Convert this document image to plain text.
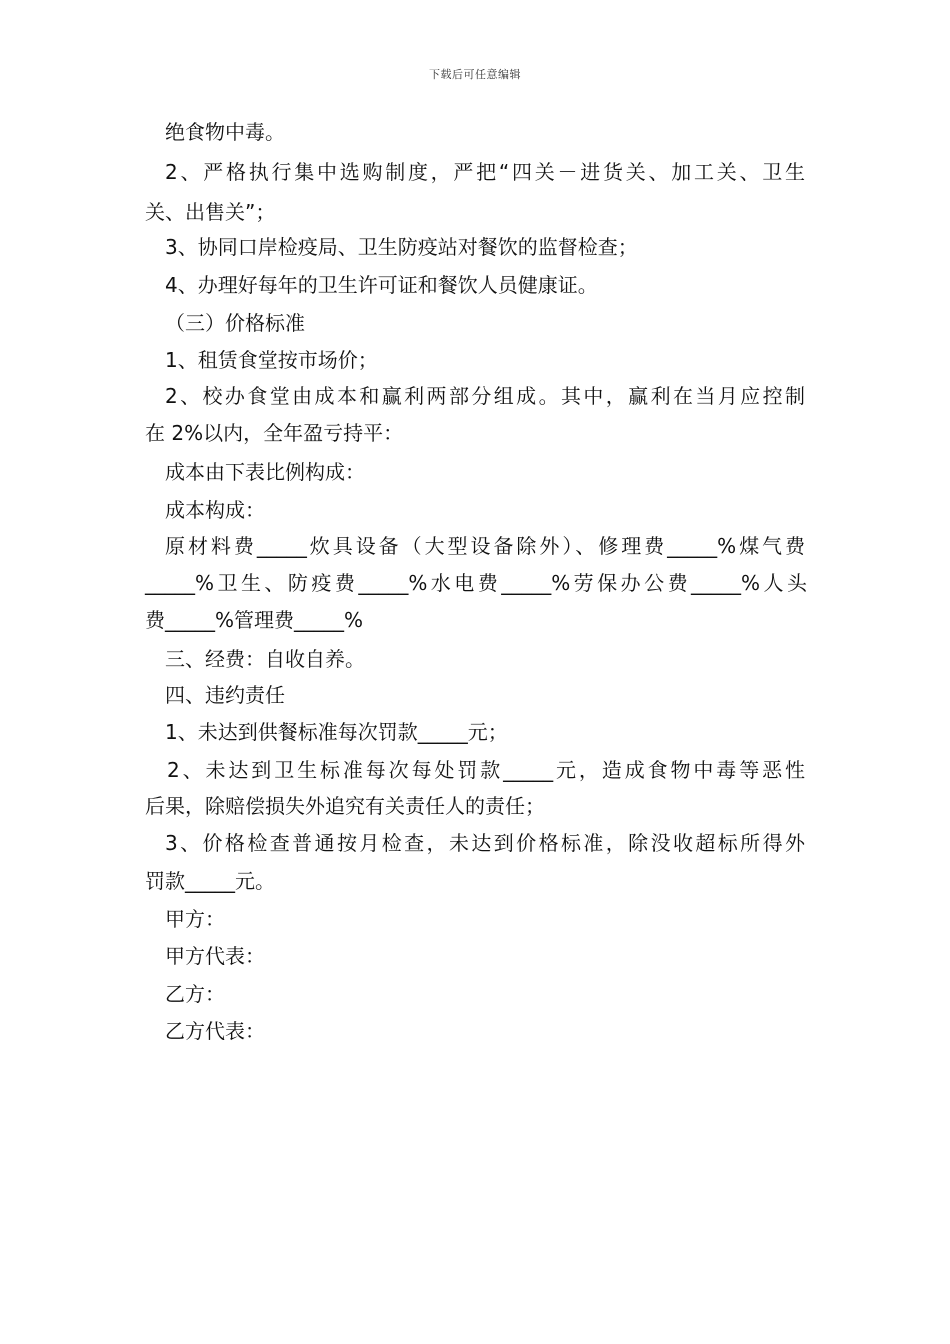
下载后可任意编辑
绝食物中毒。
2、严格执行集中选购制度，严把“四关－进货关、加工关、卫生
关、出售关”；
3、协同口岸检疫局、卫生防疫站对餐饮的监督检查；
4、办理好每年的卫生许可证和餐饮人员健康证。
（三）价格标准
1、租赁食堂按市场价；
2、校办食堂由成本和赢利两部分组成。其中，赢利在当月应控制
在 2%以内，全年盈亏持平：
成本由下表比例构成：
成本构成：
原材料费_____炊具设备（大型设备除外）、修理费_____%煤气费
_____%卫生、防疫费_____%水电费_____%劳保办公费_____%人头
费_____%管理费_____%
三、经费：自收自养。
四、违约责任
1、未达到供餐标准每次罚款_____元；
2、未达到卫生标准每次每处罚款_____元，造成食物中毒等恶性
后果，除赔偿损失外追究有关责任人的责任；
3、价格检查普通按月检查，未达到价格标准，除没收超标所得外
罚款_____元。
甲方：
甲方代表：
乙方：
乙方代表：
